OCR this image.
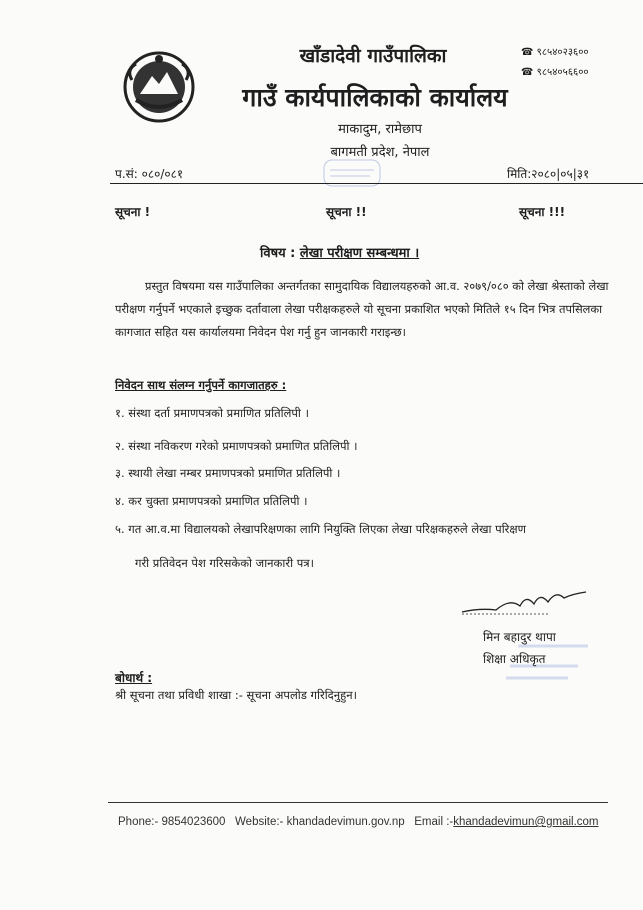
खाँडादेवी गाउँपालिका
गाउँ कार्यपालिकाको कार्यालय
माकादुम, रामेछाप
बागमती प्रदेश, नेपाल
☎ ९८५४०२३६००
☎ ९८५४०५६६००
प.सं: ०८०/०८१	मिति:२०८०|०५|३१
सूचना !	सूचना !!	सूचना !!!
विषय : लेखा परीक्षण सम्बन्धमा ।
प्रस्तुत विषयमा यस गाउँपालिका अन्तर्गतका सामुदायिक विद्यालयहरुको आ.व. २०७९/०८० को लेखा श्रेस्ताको लेखा परीक्षण गर्नुपर्ने भएकाले इच्छुक दर्तावाला लेखा परीक्षकहरुले यो सूचना प्रकाशित भएको मितिले १५ दिन भित्र तपसिलका कागजात सहित यस कार्यालयमा निवेदन पेश गर्नु हुन जानकारी गराइन्छ।
निवेदन साथ संलग्न गर्नुपर्ने कागजातहरु :
१. संस्था दर्ता प्रमाणपत्रको प्रमाणित प्रतिलिपी ।
२. संस्था नविकरण गरेको प्रमाणपत्रको प्रमाणित प्रतिलिपी ।
३. स्थायी लेखा नम्बर प्रमाणपत्रको प्रमाणित प्रतिलिपी ।
४. कर चुक्ता प्रमाणपत्रको प्रमाणित प्रतिलिपी ।
५. गत आ.व.मा विद्यालयको लेखापरिक्षणका लागि नियुक्ति लिएका लेखा परिक्षकहरुले लेखा परिक्षण
गरी प्रतिवेदन पेश गरिसकेको जानकारी पत्र।
मिन बहादुर थापा
शिक्षा अधिकृत
बोधार्थ :
श्री सूचना तथा प्रविधी शाखा :- सूचना अपलोड गरिदिनुहुन।
Phone:- 9854023600 Website:- khandadevimun.gov.np Email :-khandadevimun@gmail.com
